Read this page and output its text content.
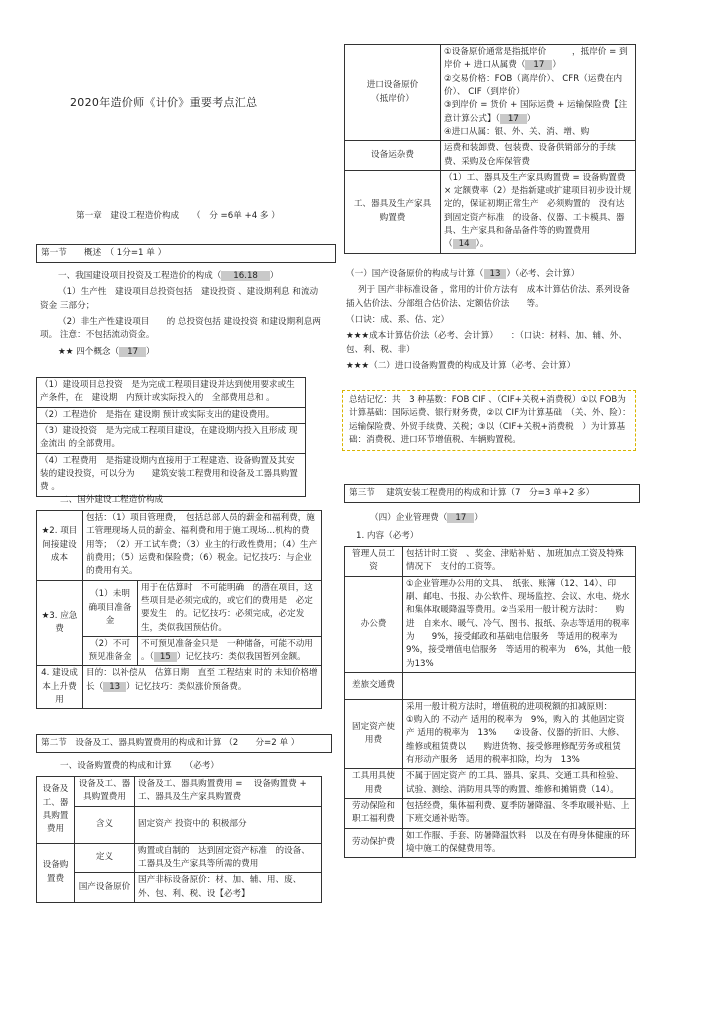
2020年造价师《计价》重要考点汇总
第一章　建设工程造价构成　　（　分 =6单 +4 多 ）
第一节　　概述　（ 1分=1 单 ）

一、我国建设项目投资及工程造价的构成（ 16.18 ）

（1）生产性　建设项目总投资包括　建设投资 、建设期利息 和流动资金 三部分；

（2）非生产性建设项目　　的 总投资包括 建设投资 和建设期利息两项。 注意：不包括流动资金。

★★ 四个概念（ 17 ）

（1）建设项目总投资　是为完成工程项目建设并达到使用要求或生产条件，在　建设期　内预计或实际投入的　全部费用总和 。
（2）工程造价　是指在 建设期 预计或实际支出的建设费用。
（3）建设投资　是为完成工程项目建设，在建设期内投入且形成 现金流出 的全部费用。
（4）工程费用　是指建设期内直接用于工程建造、设备购置及其安装的建设投资，可以分为　　建筑安装工程费用和设备及工器具购置费 。
二、国外建设工程造价构成
★2. 项目间接建设成本	包括：（1）项目管理费，　包括总部人员的薪金和福利费，施工管理现场人员的薪金、福利费和用于施工现场…机构的费用等；　（2）开工试车费；（3）业主的行政性费用；（4）生产前费用；（5）运费和保险费；（6）税金。记忆技巧：与企业的费用有关。	
★3. 应急费	（1）未明确项目准备金	用于在估算时　不可能明确　的潜在项目，这些项目是必须完成的，或它们的费用是　必定要发生　的。记忆技巧：必须完成，必定发生，类似我国预估价。
	（2）不可预见准备金	不可预见准备金只是　一种储备，可能不动用 。（ 15 ）记忆技巧：类似我国暂列金额。
4. 建设成本上升费用	目的：以补偿从　估算日期　直至 工程结束 时的 未知价格增长（ 13 ）记忆技巧：类似涨价预备费。	
第二节　设备及工、器具购置费用的构成和计算 （2　　分=2 单 ）
一、设备购置费的构成和计算　　（必考）
设备及工、器具购置费用	设备及工、器具购置费用	设备及工、器具购置费用 = 　设备购置费 + 工、器具及生产家具购置费
	含义	固定资产 投资中的 积极部分
设备购置费	定义	购置或自制的　达到固定资产标准　的设备、工器具及生产家具等所需的费用
	国产设备原价	国产非标设备原价：材、加、辅、用、废、外、包、利、税、设【必考】
进口设备原价（抵岸价）	①设备原价通常是指抵岸价　　　，抵岸价 = 到岸价 + 进口从属费（ 17 ）

②交易价格：FOB（离岸价）、 CFR（运费在内价）、 CIF（到岸价）

③到岸价 = 货价 + 国际运费 + 运输保险费【注意计算公式】（ 17 ）

④进口从属：银、外、关、消、增、购

设备运杂费	运费和装卸费、包装费、设备供销部分的手续费、采购及仓库保管费
工、器具及生产家具购置费	（1）工、器具及生产家具购置费 = 设备购置费 × 定额费率（2）是指新建或扩建项目初步设计规定的，保证初期正常生产　必须购置的　没有达到固定资产标准　的设备、仪器、工卡模具、器具、生产家具和备品备件等的购置费用（ 14 ）。

（一）国产设备原价的构成与计算（ 13 ）（必考、会计算）

列于 国产非标准设备 ，常用的计价方法有　成本计算估价法、系列设备插入估价法、分部组合估价法、定额估价法　　等。

（口诀：成、系、估、定）

★★★成本计算估价法（必考、会计算）　　：（口诀：材料、加、辅、外、包、利、税、非）

★★★（二）进口设备购置费的构成及计算（必考、会计算）

总结记忆：共　3 种基数：FOB CIF 、（CIF+关税+消费税）①以 FOB为计算基础：国际运费、银行财务费，②以 CIF为计算基础　（关、外、险）：　运输保险费、外贸手续费、关税；③以（CIF+关税+消费税　）为计算基础：消费税、进口环节增值税、车辆购置税。
第三节　 建筑安装工程费用的构成和计算（7　分=3 单+2 多）
（四）企业管理费（ 17 ）
1. 内容（必考）
管理人员工资	包括计时工资　、奖金、津贴补贴 、加班加点工资及特殊情况下　支付的工资等。
办公费	①企业管理办公用的文具、　纸张、账簿（12、14）、印刷、邮电、书报、办公软件、现场监控、会议、水电、烧水和集体取暖降温等费用。②当采用一般计税方法时：　　购进　自来水、暖气、冷气、图书、报纸、杂志等适用的税率为　　9%，接受邮政和基础电信服务　等适用的税率为　9%，接受增值电信服务　等适用的税率为　6%，其他一般为13%
差旅交通费	
固定资产使用费	采用一般计税方法时，增值税的进项税额的扣减原则：　　　①购入的 不动产 适用的税率为　9%，购入的 其他固定资产 适用的税率为　13%　　②设备、仪器的折旧、大修、维修或租赁费以　　购进货物、接受修理修配劳务或租赁　有形动产服务　适用的税率扣除，均为　13%
工具用具使用费	不属于固定资产 的工具、器具、家具、交通工具和检验、试验、测绘、消防用具等的购置、维修和摊销费（14）。
劳动保险和职工福利费	包括经费，集体福利费、夏季防暑降温、冬季取暖补贴、上下班交通补贴等。
劳动保护费	如工作服、手套、防暑降温饮料　以及在有碍身体健康的环境中施工的保健费用等。
